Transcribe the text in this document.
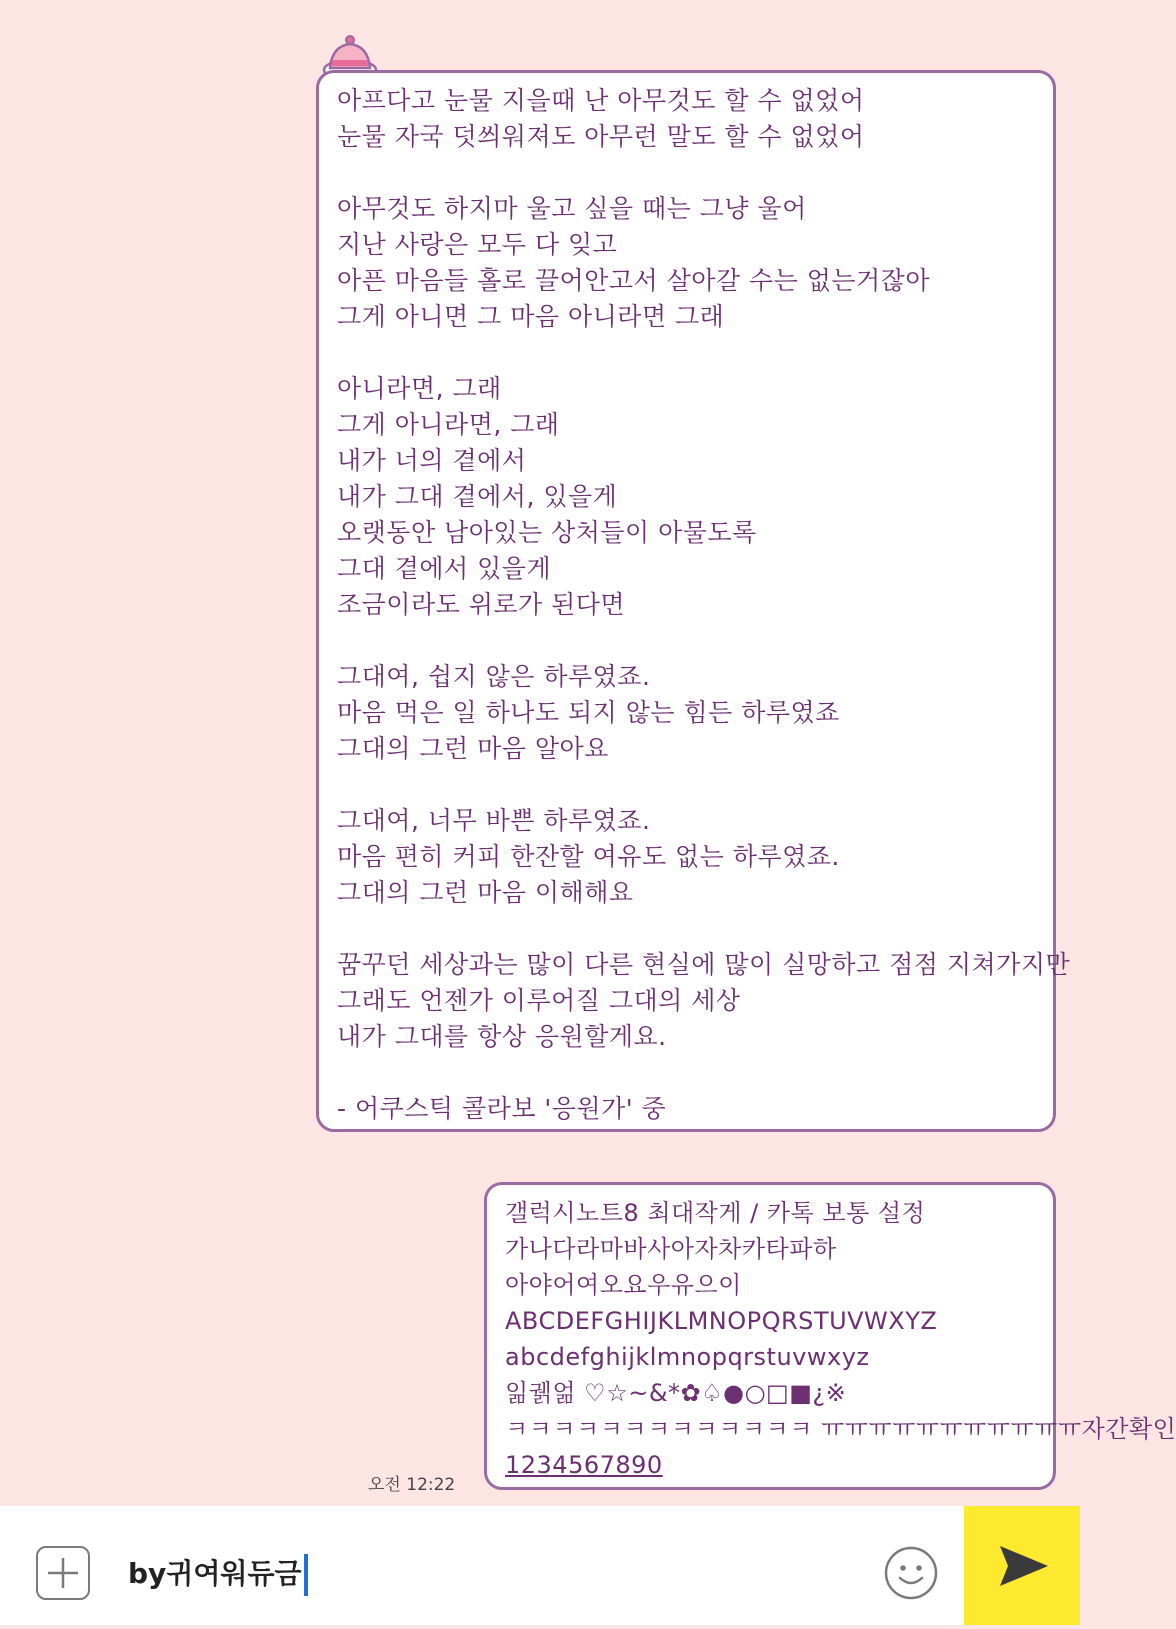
아프다고 눈물 지을때 난 아무것도 할 수 없었어
눈물 자국 덧씌워져도 아무런 말도 할 수 없었어
아무것도 하지마 울고 싶을 때는 그냥 울어
지난 사랑은 모두 다 잊고
아픈 마음들 홀로 끌어안고서 살아갈 수는 없는거잖아
그게 아니면 그 마음 아니라면 그래
아니라면, 그래
그게 아니라면, 그래
내가 너의 곁에서
내가 그대 곁에서, 있을게
오랫동안 남아있는 상처들이 아물도록
그대 곁에서 있을게
조금이라도 위로가 된다면
그대여, 쉽지 않은 하루였죠.
마음 먹은 일 하나도 되지 않는 힘든 하루였죠
그대의 그런 마음 알아요
그대여, 너무 바쁜 하루였죠.
마음 편히 커피 한잔할 여유도 없는 하루였죠.
그대의 그런 마음 이해해요
꿈꾸던 세상과는 많이 다른 현실에 많이 실망하고 점점 지쳐가지만
그래도 언젠가 이루어질 그대의 세상
내가 그대를 항상 응원할게요.
- 어쿠스틱 콜라보 '응원가' 중
갤럭시노트8 최대작게 / 카톡 보통 설정
가나다라마바사아자차카타파하
아야어여오요우유으이
ABCDEFGHIJKLMNOPQRSTUVWXYZ
abcdefghijklmnopqrstuvwxyz
읾궭얾 ♡☆~&*✿♤●○□■¿※
ㅋㅋㅋㅋㅋㅋㅋㅋㅋㅋㅋㅋㅋ ㅠㅠㅠㅠㅠㅠㅠㅠㅠㅠㅠ자간확인
1234567890
오전 12:22
by귀여워듀금
